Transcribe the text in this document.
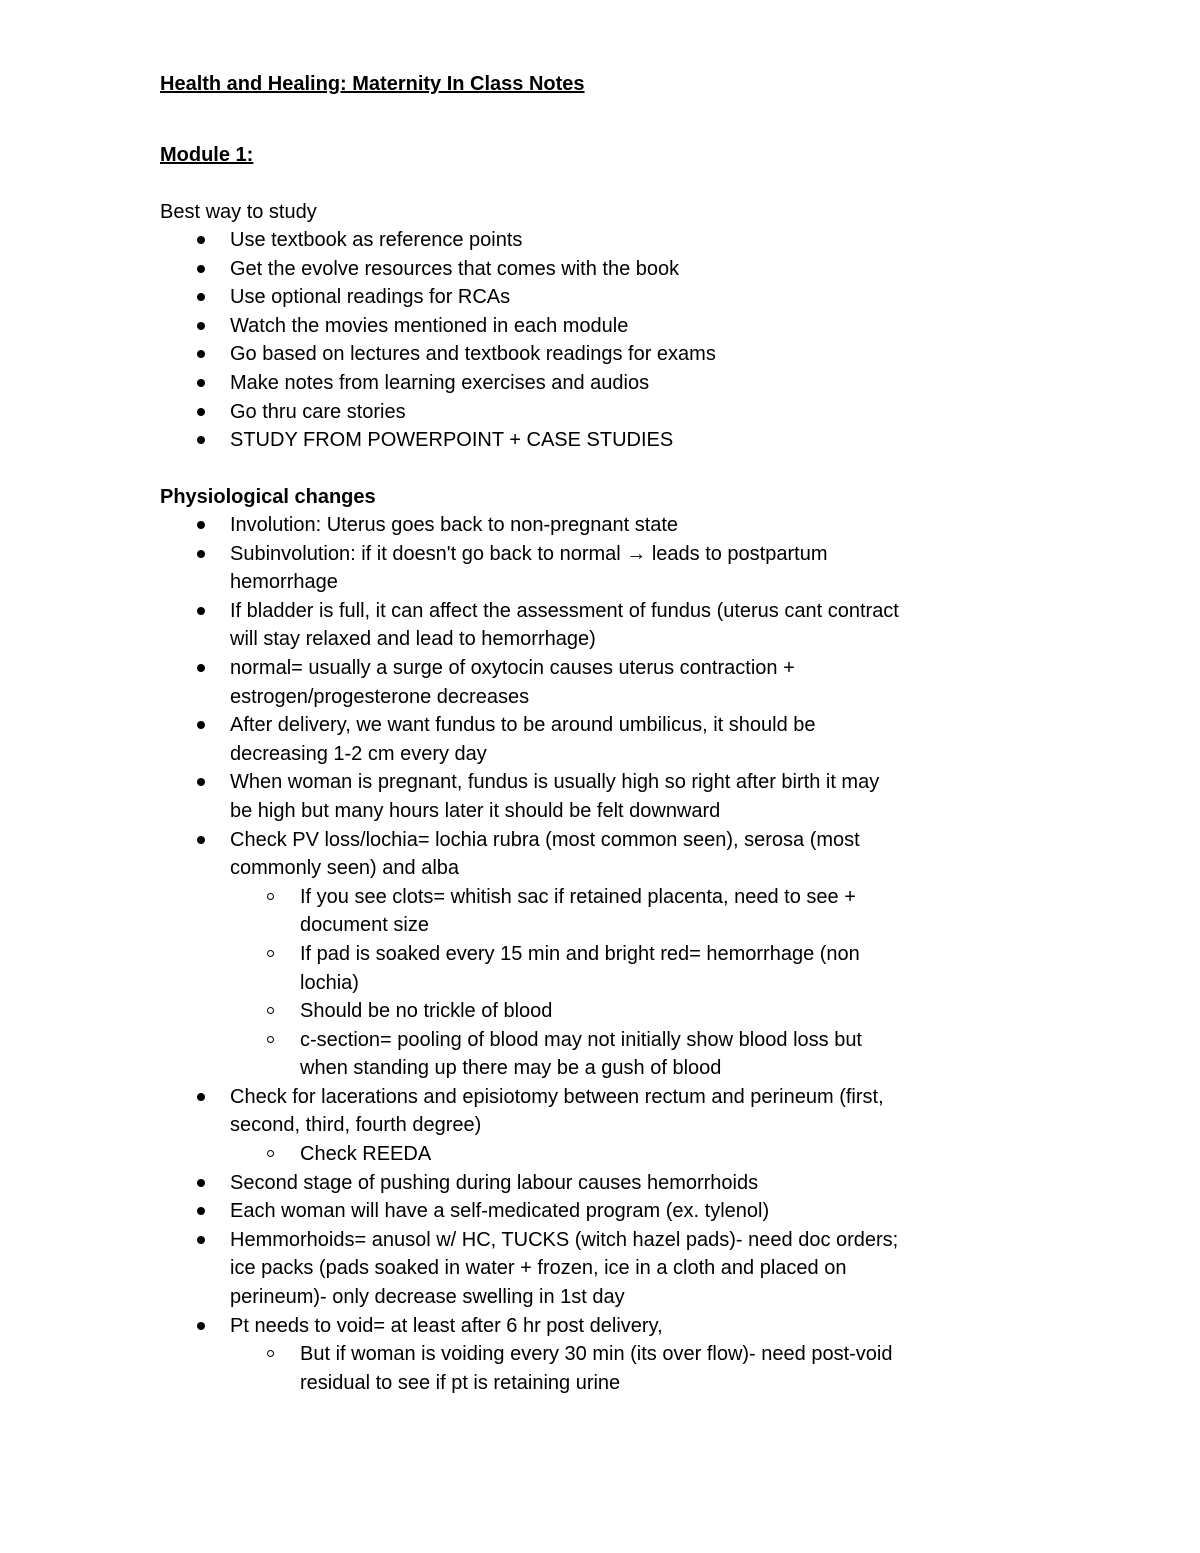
Health and Healing: Maternity In Class Notes
Module 1:

Best way to study

Use textbook as reference points
Get the evolve resources that comes with the book
Use optional readings for RCAs
Watch the movies mentioned in each module
Go based on lectures and textbook readings for exams
Make notes from learning exercises and audios
Go thru care stories
STUDY FROM POWERPOINT + CASE STUDIES

Physiological changes

Involution: Uterus goes back to non-pregnant state
Subinvolution: if it doesn't go back to normal → leads to postpartum hemorrhage
If bladder is full, it can affect the assessment of fundus (uterus cant contract will stay relaxed and lead to hemorrhage)
normal= usually a surge of oxytocin causes uterus contraction + estrogen/progesterone decreases
After delivery, we want fundus to be around umbilicus, it should be decreasing 1-2 cm every day
When woman is pregnant, fundus is usually high so right after birth it may be high but many hours later it should be felt downward
Check PV loss/lochia= lochia rubra (most common seen), serosa (most commonly seen) and alba
If you see clots= whitish sac if retained placenta, need to see + document size
If pad is soaked every 15 min and bright red= hemorrhage (non lochia)
Should be no trickle of blood
c-section= pooling of blood may not initially show blood loss but when standing up there may be a gush of blood
Check for lacerations and episiotomy between rectum and perineum (first, second, third, fourth degree)
Check REEDA
Second stage of pushing during labour causes hemorrhoids
Each woman will have a self-medicated program (ex. tylenol)
Hemmorhoids= anusol w/ HC, TUCKS (witch hazel pads)- need doc orders; ice packs (pads soaked in water + frozen, ice in a cloth and placed on perineum)- only decrease swelling in 1st day
Pt needs to void= at least after 6 hr post delivery,
But if woman is voiding every 30 min (its over flow)- need post-void residual to see if pt is retaining urine
